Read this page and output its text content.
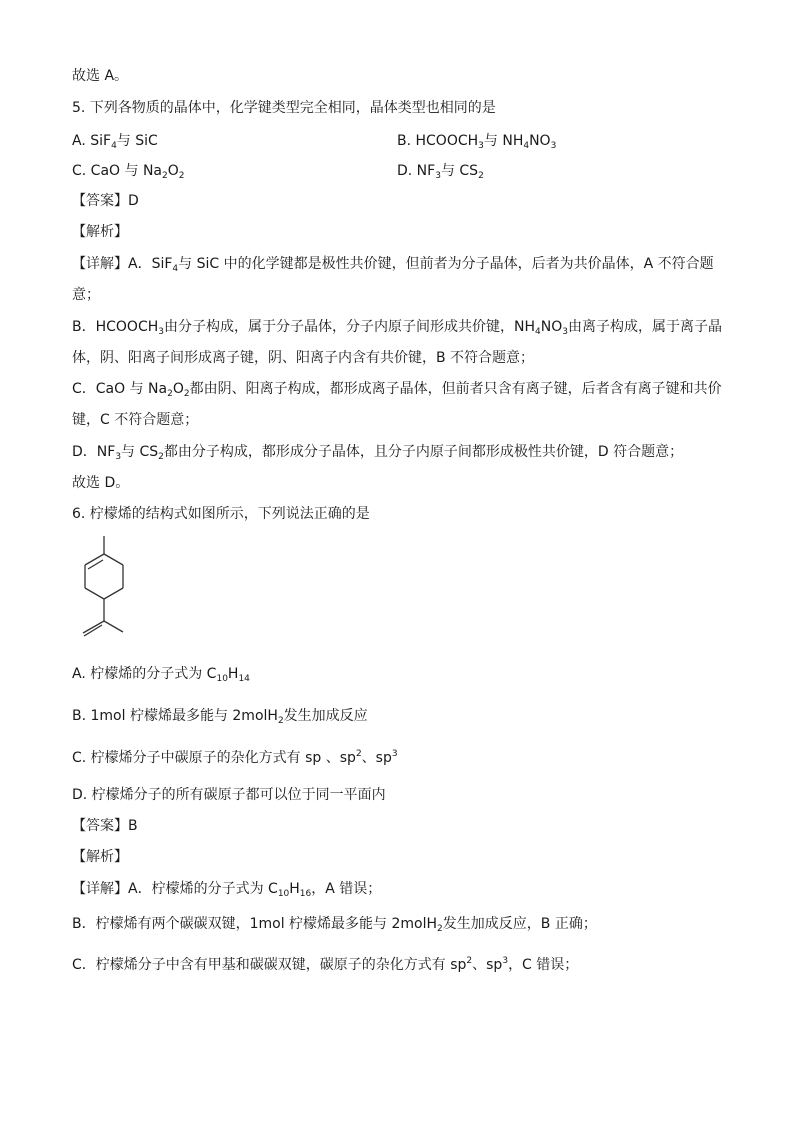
故选 A。
5. 下列各物质的晶体中，化学键类型完全相同，晶体类型也相同的是
A. SiF$_4$与 SiC	B. $HCOOCH_3$与 $NH_4NO_3$
C. CaO 与 $Na_2O_2$	D. $NF_3$与 $CS_2$
【答案】D
【解析】
【详解】A．SiF$_4$与 SiC 中的化学键都是极性共价键，但前者为分子晶体，后者为共价晶体，A 不符合题
意；
B．$HCOOCH_3$由分子构成，属于分子晶体，分子内原子间形成共价键，$NH_4NO_3$由离子构成，属于离子晶
体，阴、阳离子间形成离子键，阴、阳离子内含有共价键，B 不符合题意；
C．CaO 与 $Na_2O_2$都由阴、阳离子构成，都形成离子晶体，但前者只含有离子键，后者含有离子键和共价
键，C 不符合题意；
D．$NF_3$与 $CS_2$都由分子构成，都形成分子晶体，且分子内原子间都形成极性共价键，D 符合题意；
故选 D。
6. 柠檬烯的结构式如图所示，下列说法正确的是
A. 柠檬烯的分子式为 $C_{10}H_{14}$
B. 1mol 柠檬烯最多能与 2molH$_2$发生加成反应
C. 柠檬烯分子中碳原子的杂化方式有 sp 、$sp^2$、$sp^3$
D. 柠檬烯分子的所有碳原子都可以位于同一平面内
【答案】B
【解析】
【详解】A．柠檬烯的分子式为 $C_{10}H_{16}$，A 错误；
B．柠檬烯有两个碳碳双键，1mol 柠檬烯最多能与 2molH$_2$发生加成反应，B 正确；
C．柠檬烯分子中含有甲基和碳碳双键，碳原子的杂化方式有 $sp^2$、$sp^3$，C 错误；
